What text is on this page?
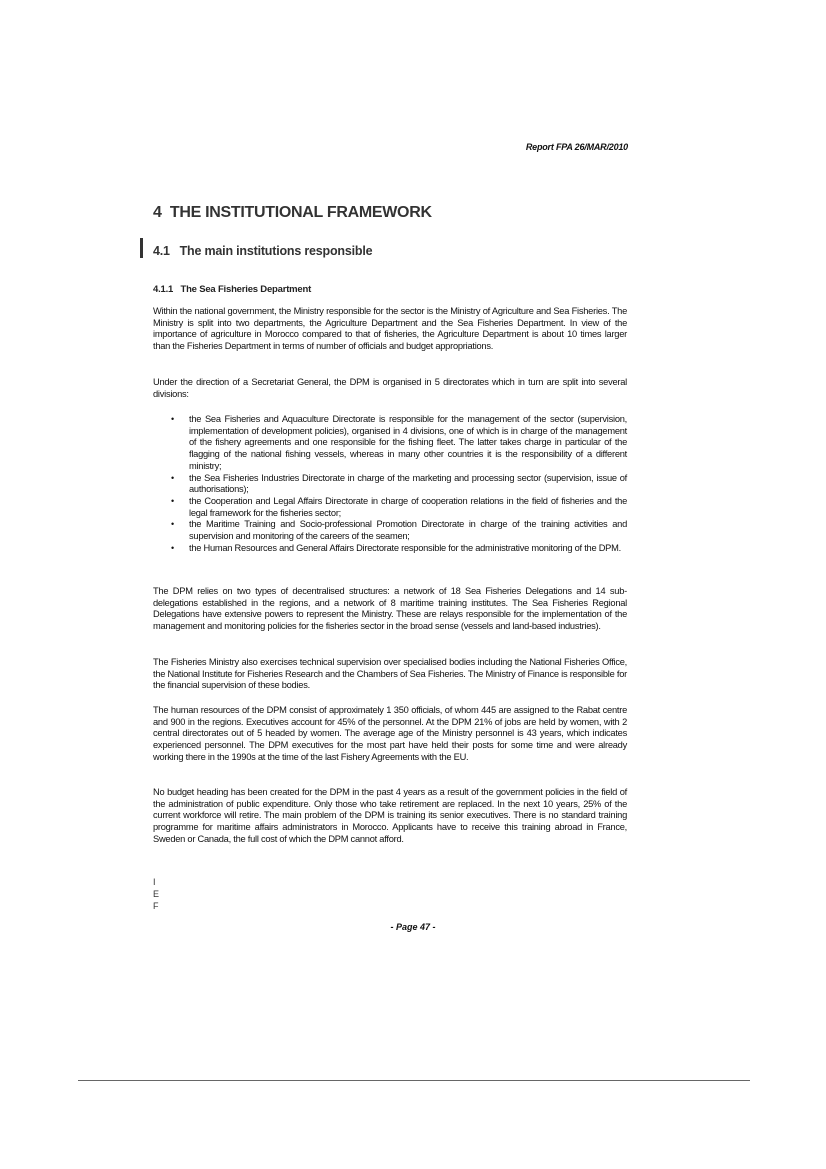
Report FPA 26/MAR/2010
4 THE INSTITUTIONAL FRAMEWORK
4.1 The main institutions responsible
4.1.1 The Sea Fisheries Department

Within the national government, the Ministry responsible for the sector is the Ministry of Agriculture and Sea Fisheries. The Ministry is split into two departments, the Agriculture Department and the Sea Fisheries Department. In view of the importance of agriculture in Morocco compared to that of fisheries, the Agriculture Department is about 10 times larger than the Fisheries Department in terms of number of officials and budget appropriations.

Under the direction of a Secretariat General, the DPM is organised in 5 directorates which in turn are split into several divisions:

• the Sea Fisheries and Aquaculture Directorate is responsible for the management of the sector (supervision, implementation of development policies), organised in 4 divisions, one of which is in charge of the management of the fishery agreements and one responsible for the fishing fleet. The latter takes charge in particular of the flagging of the national fishing vessels, whereas in many other countries it is the responsibility of a different ministry;
• the Sea Fisheries Industries Directorate in charge of the marketing and processing sector (supervision, issue of authorisations);
• the Cooperation and Legal Affairs Directorate in charge of cooperation relations in the field of fisheries and the legal framework for the fisheries sector;
• the Maritime Training and Socio-professional Promotion Directorate in charge of the training activities and supervision and monitoring of the careers of the seamen;
• the Human Resources and General Affairs Directorate responsible for the administrative monitoring of the DPM.

The DPM relies on two types of decentralised structures: a network of 18 Sea Fisheries Delegations and 14 sub-delegations established in the regions, and a network of 8 maritime training institutes. The Sea Fisheries Regional Delegations have extensive powers to represent the Ministry. These are relays responsible for the implementation of the management and monitoring policies for the fisheries sector in the broad sense (vessels and land-based industries).

The Fisheries Ministry also exercises technical supervision over specialised bodies including the National Fisheries Office, the National Institute for Fisheries Research and the Chambers of Sea Fisheries. The Ministry of Finance is responsible for the financial supervision of these bodies.

The human resources of the DPM consist of approximately 1 350 officials, of whom 445 are assigned to the Rabat centre and 900 in the regions. Executives account for 45% of the personnel. At the DPM 21% of jobs are held by women, with 2 central directorates out of 5 headed by women. The average age of the Ministry personnel is 43 years, which indicates experienced personnel. The DPM executives for the most part have held their posts for some time and were already working there in the 1990s at the time of the last Fishery Agreements with the EU.

No budget heading has been created for the DPM in the past 4 years as a result of the government policies in the field of the administration of public expenditure. Only those who take retirement are replaced. In the next 10 years, 25% of the current workforce will retire. The main problem of the DPM is training its senior executives. There is no standard training programme for maritime affairs administrators in Morocco. Applicants have to receive this training abroad in France, Sweden or Canada, the full cost of which the DPM cannot afford.

I
E
F
- Page 47 -
